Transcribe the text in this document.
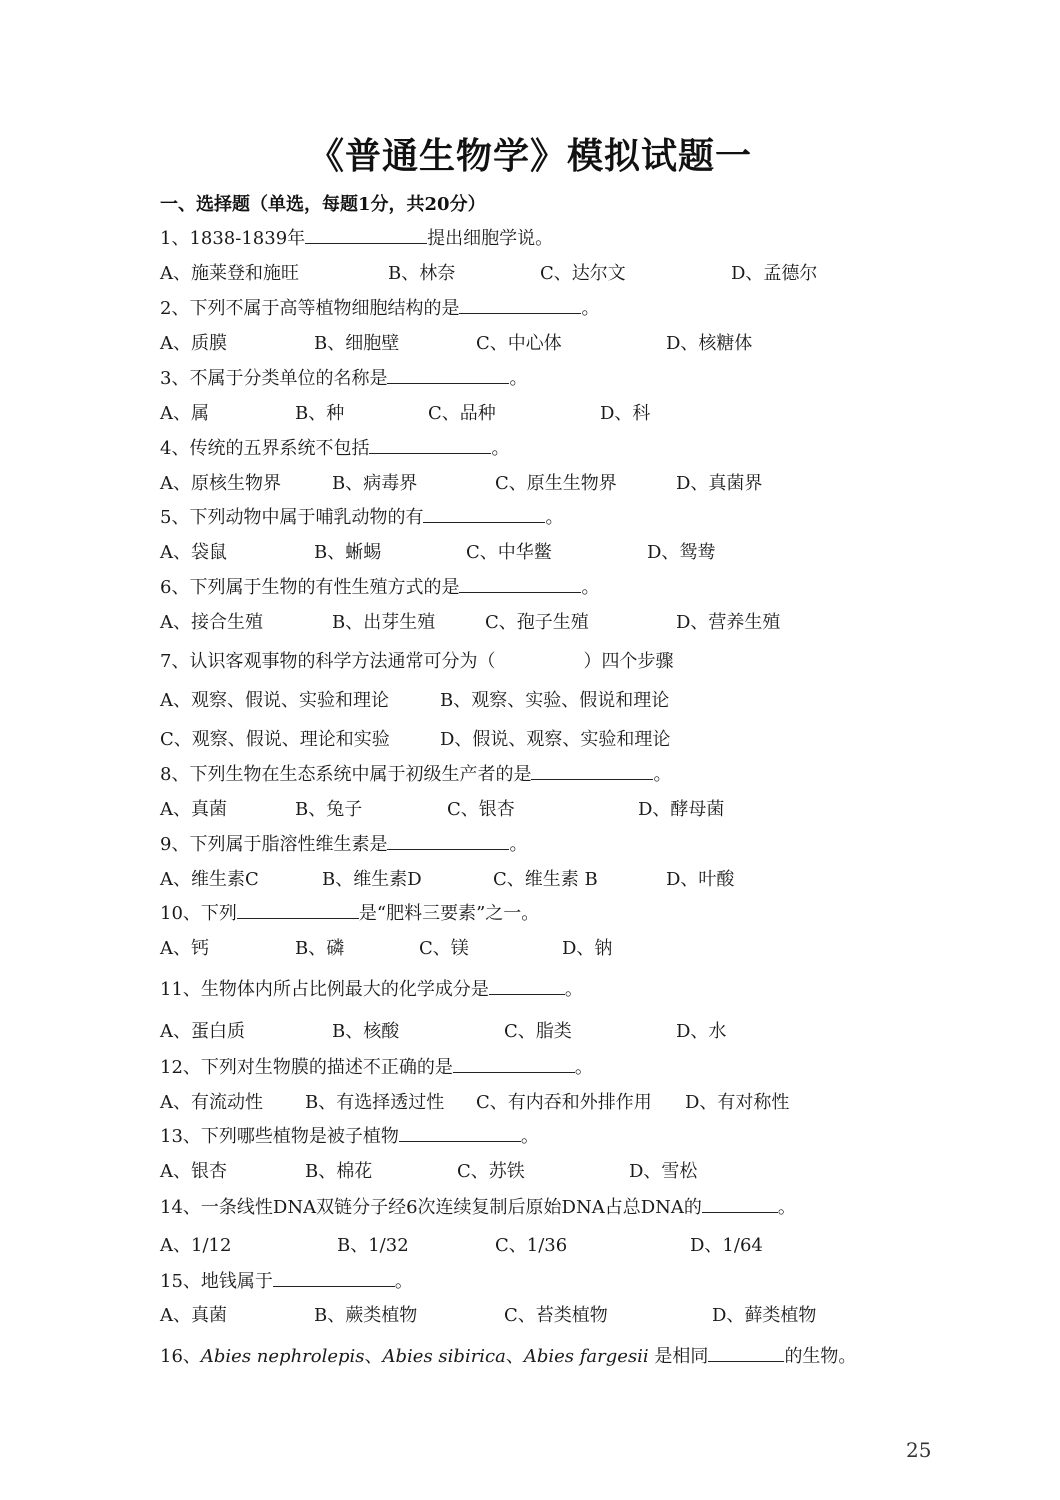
《普通生物学》模拟试题一
一、选择题（单选，每题1分，共20分）
1、1838-1839年	提出细胞学说。
A、施莱登和施旺	B、林奈	C、达尔文	D、孟德尔
2、下列不属于高等植物细胞结构的是	。
A、质膜	B、细胞壁	C、中心体	D、核糖体
3、不属于分类单位的名称是	。
A、属	B、种	C、品种	D、科
4、传统的五界系统不包括	。
A、原核生物界	B、病毒界	C、原生生物界	D、真菌界
5、下列动物中属于哺乳动物的有	。
A、袋鼠	B、蜥蜴	C、中华鳖	D、鸳鸯
6、下列属于生物的有性生殖方式的是	。
A、接合生殖	B、出芽生殖	C、孢子生殖	D、营养生殖
7、认识客观事物的科学方法通常可分为（	）四个步骤
A、观察、假说、实验和理论	B、观察、实验、假说和理论
C、观察、假说、理论和实验	D、假说、观察、实验和理论
8、下列生物在生态系统中属于初级生产者的是	。
A、真菌	B、兔子	C、银杏	D、酵母菌
9、下列属于脂溶性维生素是	。
A、维生素C	B、维生素D	C、维生素 B	D、叶酸
10、下列	是“肥料三要素”之一。
A、钙	B、磷	C、镁	D、钠
11、生物体内所占比例最大的化学成分是	。
A、蛋白质	B、核酸	C、脂类	D、水
12、下列对生物膜的描述不正确的是	。
A、有流动性 B、有选择透过性 C、有内吞和外排作用 D、有对称性
13、下列哪些植物是被子植物	。
A、银杏	B、棉花	C、苏铁	D、雪松
14、一条线性DNA双链分子经6次连续复制后原始DNA占总DNA的	。
A、1/12	B、1/32	C、1/36	D、1/64
15、地钱属于	。
A、真菌	B、蕨类植物	C、苔类植物	D、藓类植物
16、Abies nephrolepis、Abies sibirica、Abies fargesii 是相同	的生物。
25
